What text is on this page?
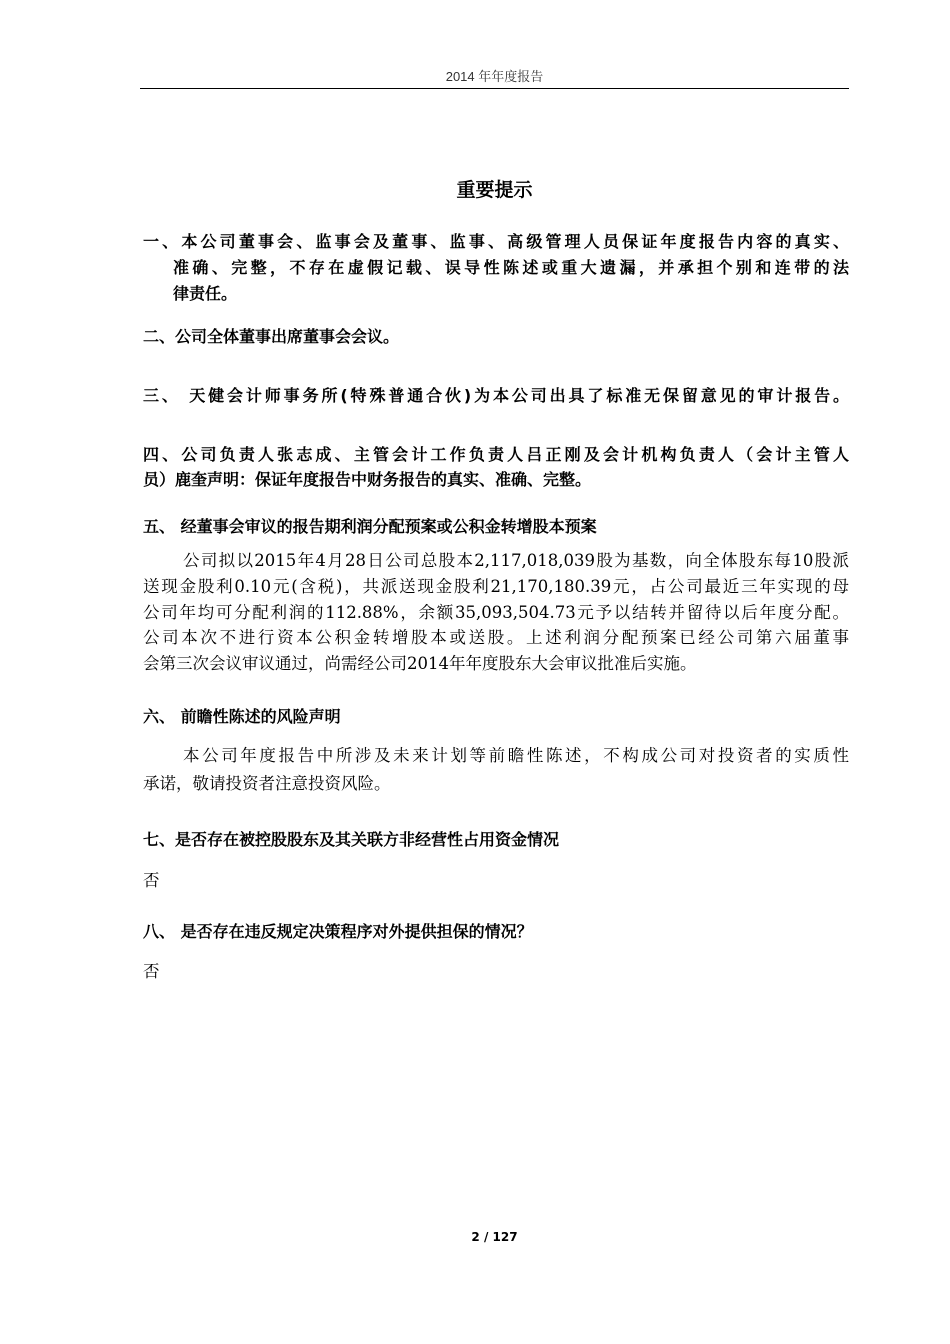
2014 年年度报告
重要提示
一、本公司董事会、监事会及董事、监事、高级管理人员保证年度报告内容的真实、
准确、完整，不存在虚假记载、误导性陈述或重大遗漏，并承担个别和连带的法
律责任。
二、公司全体董事出席董事会会议。
三、 天健会计师事务所(特殊普通合伙)为本公司出具了标准无保留意见的审计报告。
四、公司负责人张志成、主管会计工作负责人吕正刚及会计机构负责人（会计主管人
员）鹿奎声明：保证年度报告中财务报告的真实、准确、完整。
五、 经董事会审议的报告期利润分配预案或公积金转增股本预案
公司拟以2015年4月28日公司总股本2,117,018,039股为基数，向全体股东每10股派
送现金股利0.10元(含税)，共派送现金股利21,170,180.39元，占公司最近三年实现的母
公司年均可分配利润的112.88%，余额35,093,504.73元予以结转并留待以后年度分配。
公司本次不进行资本公积金转增股本或送股。上述利润分配预案已经公司第六届董事
会第三次会议审议通过，尚需经公司2014年年度股东大会审议批准后实施。
六、 前瞻性陈述的风险声明
本公司年度报告中所涉及未来计划等前瞻性陈述，不构成公司对投资者的实质性
承诺，敬请投资者注意投资风险。
七、是否存在被控股股东及其关联方非经营性占用资金情况
否
八、 是否存在违反规定决策程序对外提供担保的情况？
否
2 / 127
